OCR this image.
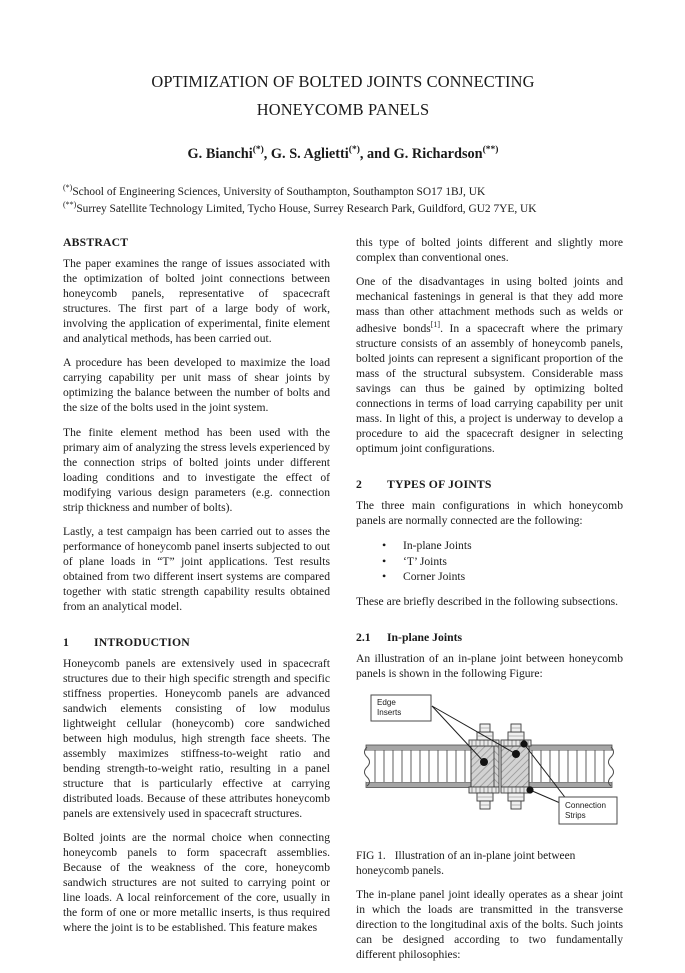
OPTIMIZATION OF BOLTED JOINTS CONNECTING
HONEYCOMB PANELS
G. Bianchi(*), G. S. Aglietti(*), and G. Richardson(**)
(*)School of Engineering Sciences, University of Southampton, Southampton SO17 1BJ, UK
(**)Surrey Satellite Technology Limited, Tycho House, Surrey Research Park, Guildford, GU2 7YE, UK
ABSTRACT

The paper examines the range of issues associated with the optimization of bolted joint connections between honeycomb panels, representative of spacecraft structures. The first part of a large body of work, involving the application of experimental, finite element and analytical methods, has been carried out.

A procedure has been developed to maximize the load carrying capability per unit mass of shear joints by optimizing the balance between the number of bolts and the size of the bolts used in the joint system.

The finite element method has been used with the primary aim of analyzing the stress levels experienced by the connection strips of bolted joints under different loading conditions and to investigate the effect of modifying various design parameters (e.g. connection strip thickness and number of bolts).

Lastly, a test campaign has been carried out to asses the performance of honeycomb panel inserts subjected to out of plane loads in “T” joint applications. Test results obtained from two different insert systems are compared together with static strength capability results obtained from an analytical model.

1 INTRODUCTION

Honeycomb panels are extensively used in spacecraft structures due to their high specific strength and specific stiffness properties. Honeycomb panels are advanced sandwich elements consisting of low modulus lightweight cellular (honeycomb) core sandwiched between high modulus, high strength face sheets. The assembly maximizes stiffness-to-weight ratio and bending strength-to-weight ratio, resulting in a panel structure that is particularly effective at carrying distributed loads. Because of these attributes honeycomb panels are extensively used in spacecraft structures.

Bolted joints are the normal choice when connecting honeycomb panels to form spacecraft assemblies. Because of the weakness of the core, honeycomb sandwich structures are not suited to carrying point or line loads. A local reinforcement of the core, usually in the form of one or more metallic inserts, is thus required where the joint is to be established. This feature makes

this type of bolted joints different and slightly more complex than conventional ones.

One of the disadvantages in using bolted joints and mechanical fastenings in general is that they add more mass than other attachment methods such as welds or adhesive bonds[1]. In a spacecraft where the primary structure consists of an assembly of honeycomb panels, bolted joints can represent a significant proportion of the mass of the structural subsystem. Considerable mass savings can thus be gained by optimizing bolted connections in terms of load carrying capability per unit mass. In light of this, a project is underway to develop a procedure to aid the spacecraft designer in selecting optimum joint configurations.

2 TYPES OF JOINTS

The three main configurations in which honeycomb panels are normally connected are the following:

• In-plane Joints
• ‘T’ Joints
• Corner Joints

These are briefly described in the following subsections.

2.1 In-plane Joints

An illustration of an in-plane joint between honeycomb panels is shown in the following Figure:

Edge
Inserts
Connection
Strips

FIG 1. Illustration of an in-plane joint between honeycomb panels.

The in-plane panel joint ideally operates as a shear joint in which the loads are transmitted in the transverse direction to the longitudinal axis of the bolts. Such joints can be designed according to two fundamentally different philosophies:
